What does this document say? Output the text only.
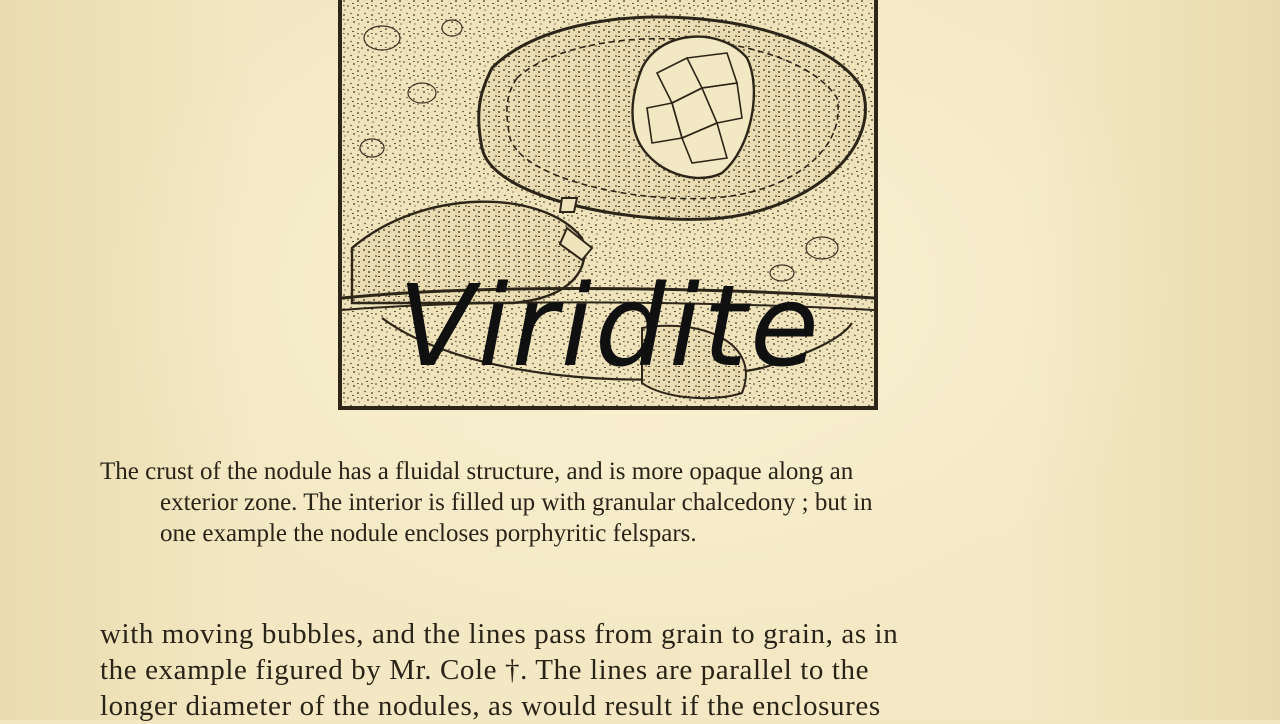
The crust of the nodule has a fluidal structure, and is more opaque along an
exterior zone. The interior is filled up with granular chalcedony ; but in
one example the nodule encloses porphyritic felspars.
with moving bubbles, and the lines pass from grain to grain, as in
the example figured by Mr. Cole †. The lines are parallel to the
longer diameter of the nodules, as would result if the enclosures
Viridite
